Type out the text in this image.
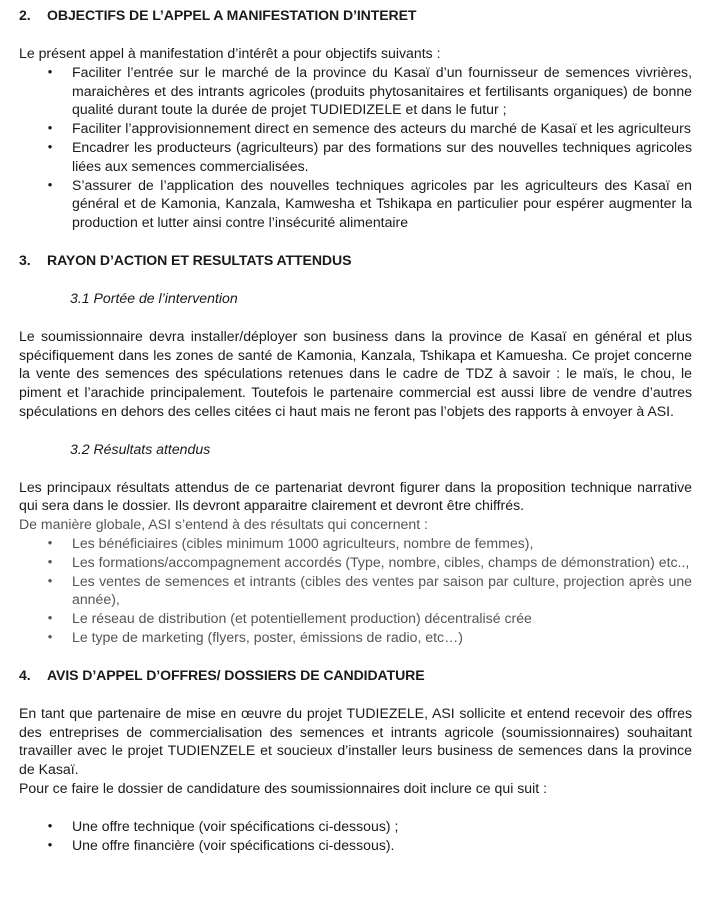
2.	OBJECTIFS DE L’APPEL A MANIFESTATION D’INTERET

Le présent appel à manifestation d’intérêt a pour objectifs suivants :

• Faciliter l’entrée sur le marché de la province du Kasaï d’un fournisseur de semences vivrières, maraichères et des intrants agricoles (produits phytosanitaires et fertilisants organiques) de bonne qualité durant toute la durée de projet TUDIEDIZELE et dans le futur ;
• Faciliter l’approvisionnement direct en semence des acteurs du marché de Kasaï et les agriculteurs
• Encadrer les producteurs (agriculteurs) par des formations sur des nouvelles techniques agricoles liées aux semences commercialisées.
• S’assurer de l’application des nouvelles techniques agricoles par les agriculteurs des Kasaï en général et de Kamonia, Kanzala, Kamwesha et Tshikapa en particulier pour espérer augmenter la production et lutter ainsi contre l’insécurité alimentaire
3.	RAYON D’ACTION ET RESULTATS ATTENDUS

3.1 Portée de l’intervention

Le soumissionnaire devra installer/déployer son business dans la province de Kasaï en général et plus spécifiquement dans les zones de santé de Kamonia, Kanzala, Tshikapa et Kamuesha. Ce projet concerne la vente des semences des spéculations retenues dans le cadre de TDZ à savoir : le maïs, le chou, le piment et l’arachide principalement. Toutefois le partenaire commercial est aussi libre de vendre d’autres spéculations en dehors des celles citées ci haut mais ne feront pas l’objets des rapports à envoyer à ASI.

3.2 Résultats attendus

Les principaux résultats attendus de ce partenariat devront figurer dans la proposition technique narrative qui sera dans le dossier. Ils devront apparaitre clairement et devront être chiffrés.

De manière globale, ASI s’entend à des résultats qui concernent :

• Les bénéficiaires (cibles minimum 1000 agriculteurs, nombre de femmes),
• Les formations/accompagnement accordés (Type, nombre, cibles, champs de démonstration) etc..,
• Les ventes de semences et intrants (cibles des ventes par saison par culture, projection après une année),
• Le réseau de distribution (et potentiellement production) décentralisé crée
• Le type de marketing (flyers, poster, émissions de radio, etc…)
4.	AVIS D’APPEL D’OFFRES/ DOSSIERS DE CANDIDATURE

En tant que partenaire de mise en œuvre du projet TUDIEZELE, ASI sollicite et entend recevoir des offres des entreprises de commercialisation des semences et intrants agricole (soumissionnaires) souhaitant travailler avec le projet TUDIENZELE et soucieux d’installer leurs business de semences dans la province de Kasaï.

Pour ce faire le dossier de candidature des soumissionnaires doit inclure ce qui suit :

• Une offre technique (voir spécifications ci-dessous) ;
• Une offre financière (voir spécifications ci-dessous).
